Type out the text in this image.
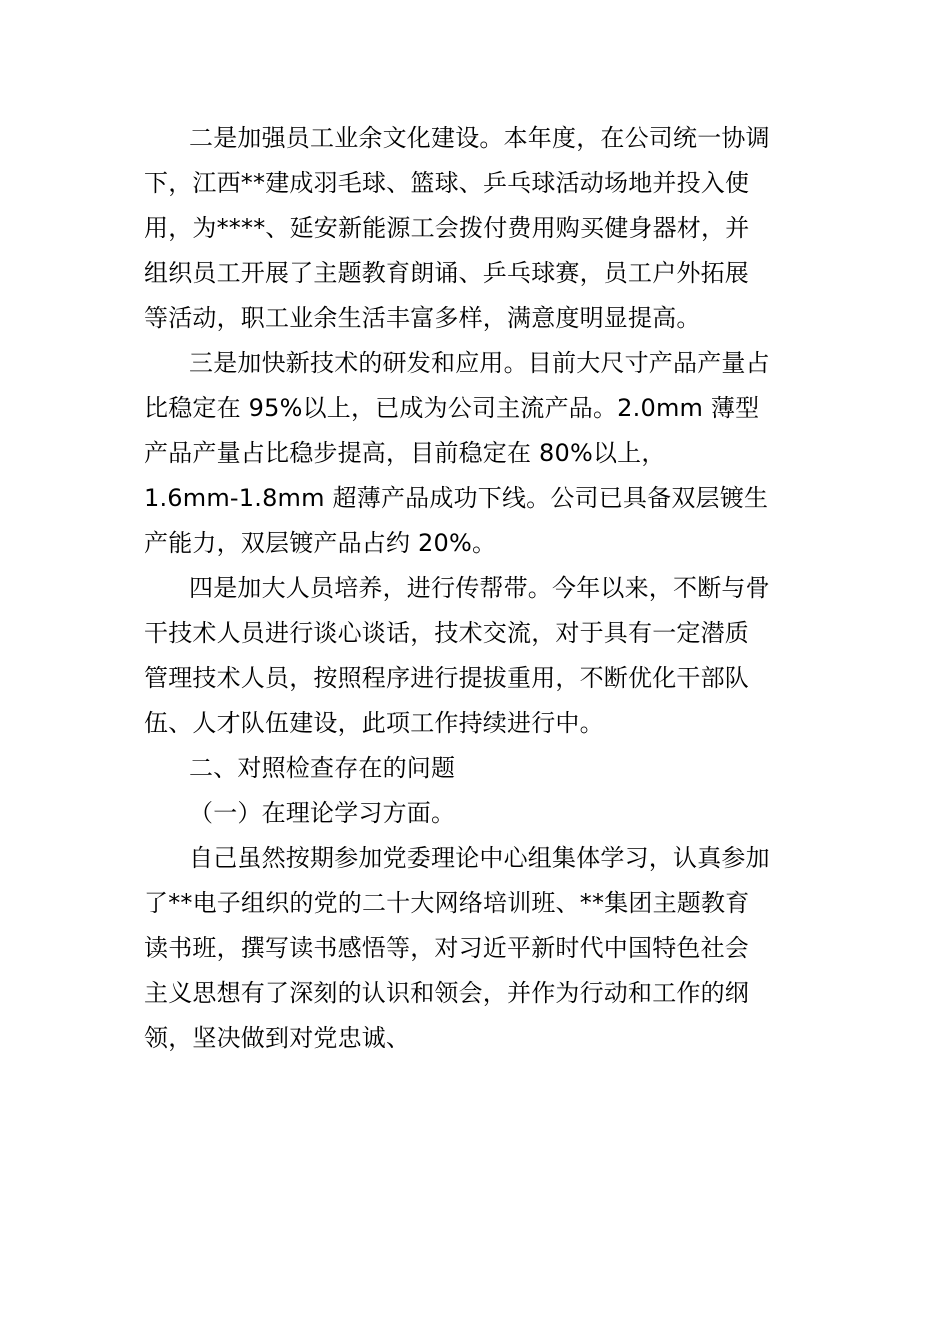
二是加强员工业余文化建设。本年度，在公司统一协调
下，江西**建成羽毛球、篮球、乒乓球活动场地并投入使
用，为****、延安新能源工会拨付费用购买健身器材，并
组织员工开展了主题教育朗诵、乒乓球赛，员工户外拓展
等活动，职工业余生活丰富多样，满意度明显提高。
三是加快新技术的研发和应用。目前大尺寸产品产量占
比稳定在 95%以上，已成为公司主流产品。2.0mm 薄型
产品产量占比稳步提高，目前稳定在 80%以上，
1.6mm-1.8mm 超薄产品成功下线。公司已具备双层镀生
产能力，双层镀产品占约 20%。
四是加大人员培养，进行传帮带。今年以来，不断与骨
干技术人员进行谈心谈话，技术交流，对于具有一定潜质
管理技术人员，按照程序进行提拔重用，不断优化干部队
伍、人才队伍建设，此项工作持续进行中。
二、对照检查存在的问题
（一）在理论学习方面。
自己虽然按期参加党委理论中心组集体学习，认真参加
了**电子组织的党的二十大网络培训班、**集团主题教育
读书班，撰写读书感悟等，对习近平新时代中国特色社会
主义思想有了深刻的认识和领会，并作为行动和工作的纲
领，坚决做到对党忠诚、
